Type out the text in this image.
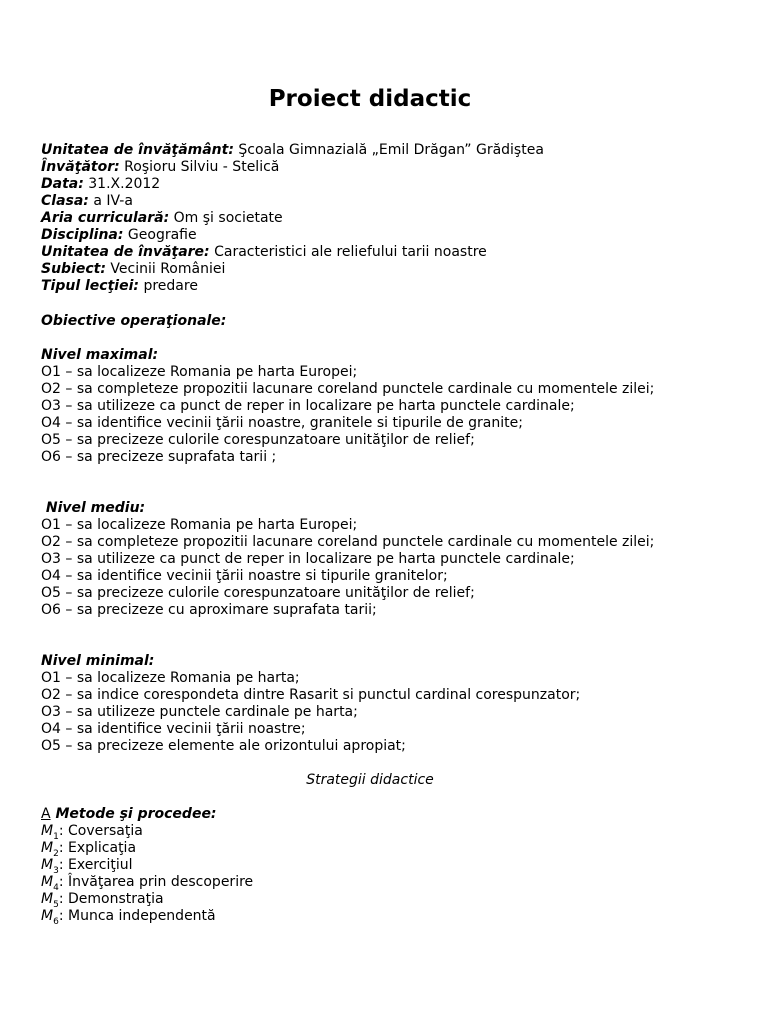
Proiect didactic
Unitatea de învăţământ: Şcoala Gimnazială „Emil Drăgan” Grădiştea
Învăţător: Roşioru Silviu - Stelică
Data: 31.X.2012
Clasa: a IV-a
Aria curriculară: Om şi societate
Disciplina: Geografie
Unitatea de învăţare: Caracteristici ale reliefului tarii noastre
Subiect: Vecinii României
Tipul lecţiei: predare
Obiective operaţionale:
Nivel maximal:
O1 – sa localizeze Romania pe harta Europei;
O2 – sa completeze propozitii lacunare coreland punctele cardinale cu momentele zilei;
O3 – sa utilizeze ca punct de reper in localizare pe harta punctele cardinale;
O4 – sa identifice vecinii ţării noastre, granitele si tipurile de granite;
O5 – sa precizeze culorile corespunzatoare unităţilor de relief;
O6 – sa precizeze suprafata tarii ;
Nivel mediu:
O1 – sa localizeze Romania pe harta Europei;
O2 – sa completeze propozitii lacunare coreland punctele cardinale cu momentele zilei;
O3 – sa utilizeze ca punct de reper in localizare pe harta punctele cardinale;
O4 – sa identifice vecinii ţării noastre si tipurile granitelor;
O5 – sa precizeze culorile corespunzatoare unităţilor de relief;
O6 – sa precizeze cu aproximare suprafata tarii;
Nivel minimal:
O1 – sa localizeze Romania pe harta;
O2 – sa indice corespondeta dintre Rasarit si punctul cardinal corespunzator;
O3 – sa utilizeze punctele cardinale pe harta;
O4 – sa identifice vecinii ţării noastre;
O5 – sa precizeze elemente ale orizontului apropiat;
Strategii didactice
A Metode şi procedee:
$M_1$: Coversaţia
$M_2$: Explicaţia
$M_3$: Exerciţiul
$M_4$: Învăţarea prin descoperire
$M_5$: Demonstraţia
$M_6$: Munca independentă
